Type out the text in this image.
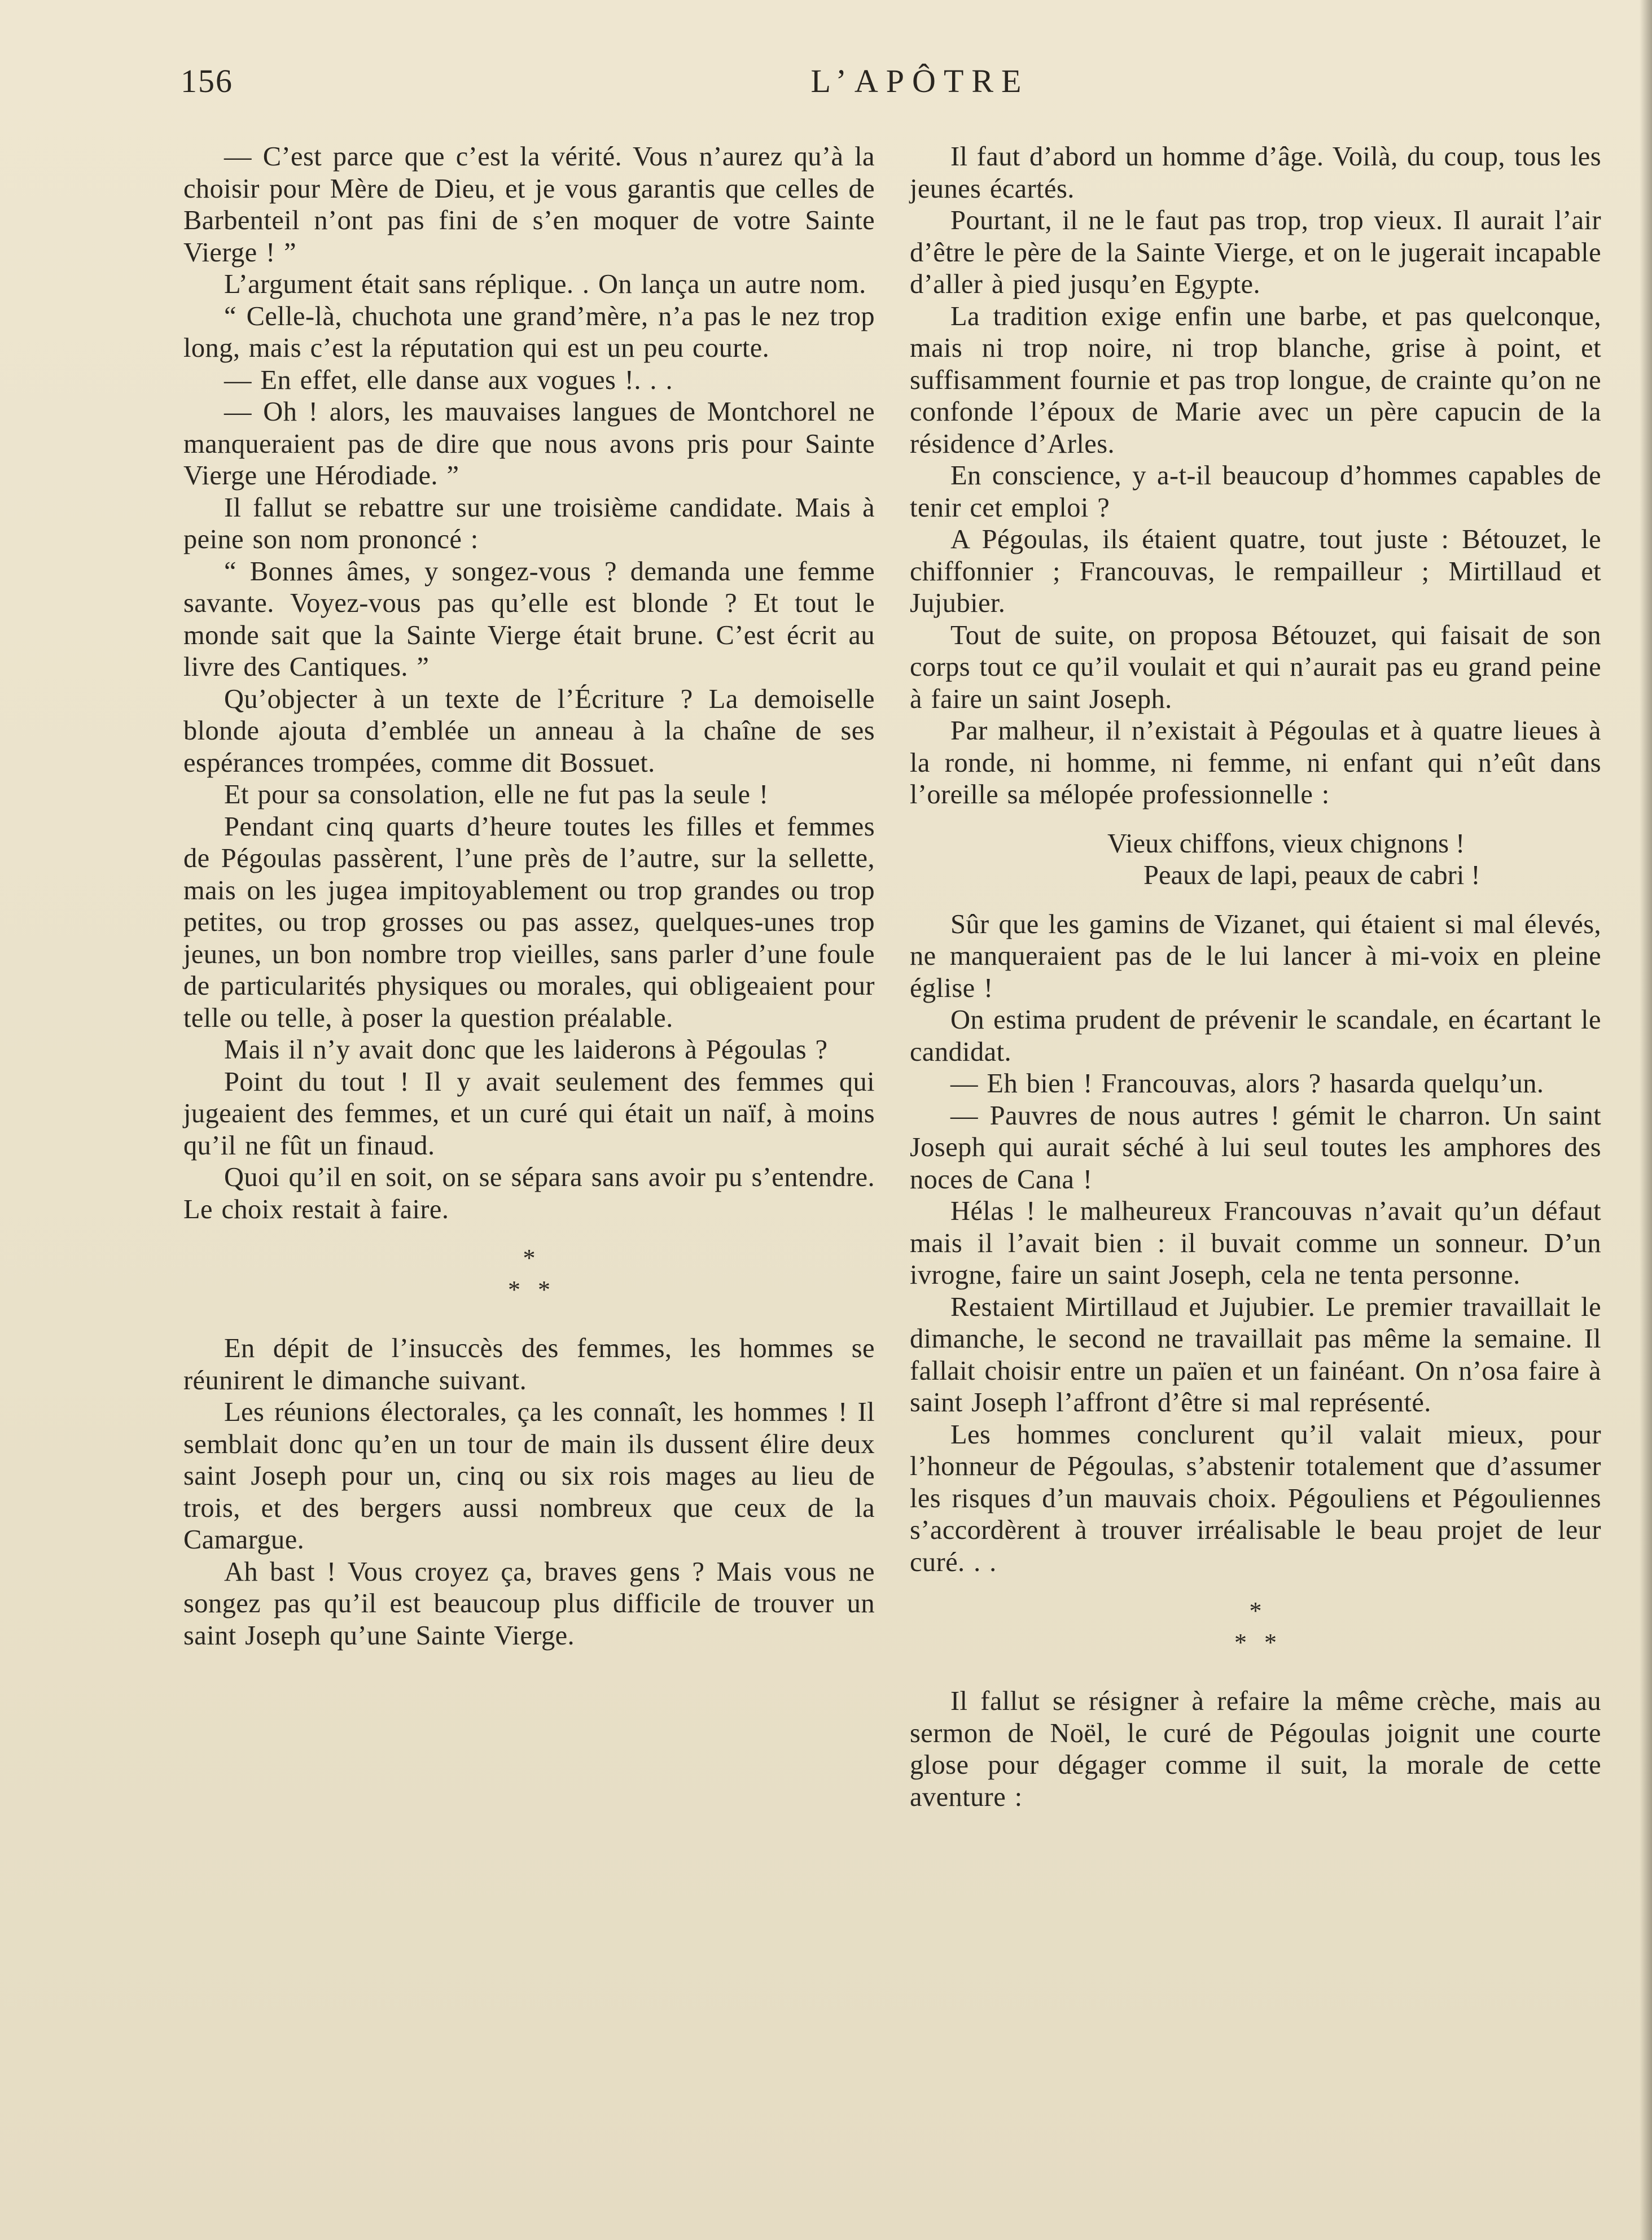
156	L’APÔTRE

— C’est parce que c’est la vérité. Vous n’aurez qu’à la choisir pour Mère de Dieu, et je vous garantis que celles de Barbenteil n’ont pas fini de s’en moquer de votre Sainte Vierge ! ”

L’argument était sans réplique. . On lança un autre nom.

“ Celle-là, chuchota une grand’mère, n’a pas le nez trop long, mais c’est la réputation qui est un peu courte.

— En effet, elle danse aux vogues !. . .

— Oh ! alors, les mauvaises langues de Montchorel ne manqueraient pas de dire que nous avons pris pour Sainte Vierge une Hérodiade. ”

Il fallut se rebattre sur une troisième candidate. Mais à peine son nom prononcé :

“ Bonnes âmes, y songez-vous ? demanda une femme savante. Voyez-vous pas qu’elle est blonde ? Et tout le monde sait que la Sainte Vierge était brune. C’est écrit au livre des Cantiques. ”

Qu’objecter à un texte de l’Écriture ? La demoiselle blonde ajouta d’emblée un anneau à la chaîne de ses espérances trompées, comme dit Bossuet.

Et pour sa consolation, elle ne fut pas la seule !

Pendant cinq quarts d’heure toutes les filles et femmes de Pégoulas passèrent, l’une près de l’autre, sur la sellette, mais on les jugea impitoyablement ou trop grandes ou trop petites, ou trop grosses ou pas assez, quelques-unes trop jeunes, un bon nombre trop vieilles, sans parler d’une foule de particularités physiques ou morales, qui obligeaient pour telle ou telle, à poser la question préalable.

Mais il n’y avait donc que les laiderons à Pégoulas ?

Point du tout ! Il y avait seulement des femmes qui jugeaient des femmes, et un curé qui était un naïf, à moins qu’il ne fût un finaud.

Quoi qu’il en soit, on se sépara sans avoir pu s’entendre. Le choix restait à faire.

*
* *

En dépit de l’insuccès des femmes, les hommes se réunirent le dimanche suivant.

Les réunions électorales, ça les connaît, les hommes ! Il semblait donc qu’en un tour de main ils dussent élire deux saint Joseph pour un, cinq ou six rois mages au lieu de trois, et des bergers aussi nombreux que ceux de la Camargue.

Ah bast ! Vous croyez ça, braves gens ? Mais vous ne songez pas qu’il est beaucoup plus difficile de trouver un saint Joseph qu’une Sainte Vierge.

Il faut d’abord un homme d’âge. Voilà, du coup, tous les jeunes écartés.

Pourtant, il ne le faut pas trop, trop vieux. Il aurait l’air d’être le père de la Sainte Vierge, et on le jugerait incapable d’aller à pied jusqu’en Egypte.

La tradition exige enfin une barbe, et pas quelconque, mais ni trop noire, ni trop blanche, grise à point, et suffisamment fournie et pas trop longue, de crainte qu’on ne confonde l’époux de Marie avec un père capucin de la résidence d’Arles.

En conscience, y a-t-il beaucoup d’hommes capables de tenir cet emploi ?

A Pégoulas, ils étaient quatre, tout juste : Bétouzet, le chiffonnier ; Francouvas, le rempailleur ; Mirtillaud et Jujubier.

Tout de suite, on proposa Bétouzet, qui faisait de son corps tout ce qu’il voulait et qui n’aurait pas eu grand peine à faire un saint Joseph.

Par malheur, il n’existait à Pégoulas et à quatre lieues à la ronde, ni homme, ni femme, ni enfant qui n’eût dans l’oreille sa mélopée professionnelle :

Vieux chiffons, vieux chignons !
Peaux de lapi, peaux de cabri !

Sûr que les gamins de Vizanet, qui étaient si mal élevés, ne manqueraient pas de le lui lancer à mi-voix en pleine église !

On estima prudent de prévenir le scandale, en écartant le candidat.

— Eh bien ! Francouvas, alors ? hasarda quelqu’un.

— Pauvres de nous autres ! gémit le charron. Un saint Joseph qui aurait séché à lui seul toutes les amphores des noces de Cana !

Hélas ! le malheureux Francouvas n’avait qu’un défaut mais il l’avait bien : il buvait comme un sonneur. D’un ivrogne, faire un saint Joseph, cela ne tenta personne.

Restaient Mirtillaud et Jujubier. Le premier travaillait le dimanche, le second ne travaillait pas même la semaine. Il fallait choisir entre un païen et un fainéant. On n’osa faire à saint Joseph l’affront d’être si mal représenté.

Les hommes conclurent qu’il valait mieux, pour l’honneur de Pégoulas, s’abstenir totalement que d’assumer les risques d’un mauvais choix. Pégouliens et Pégouliennes s’accordèrent à trouver irréalisable le beau projet de leur curé. . .

*
* *

Il fallut se résigner à refaire la même crèche, mais au sermon de Noël, le curé de Pégoulas joignit une courte glose pour dégager comme il suit, la morale de cette aventure :
